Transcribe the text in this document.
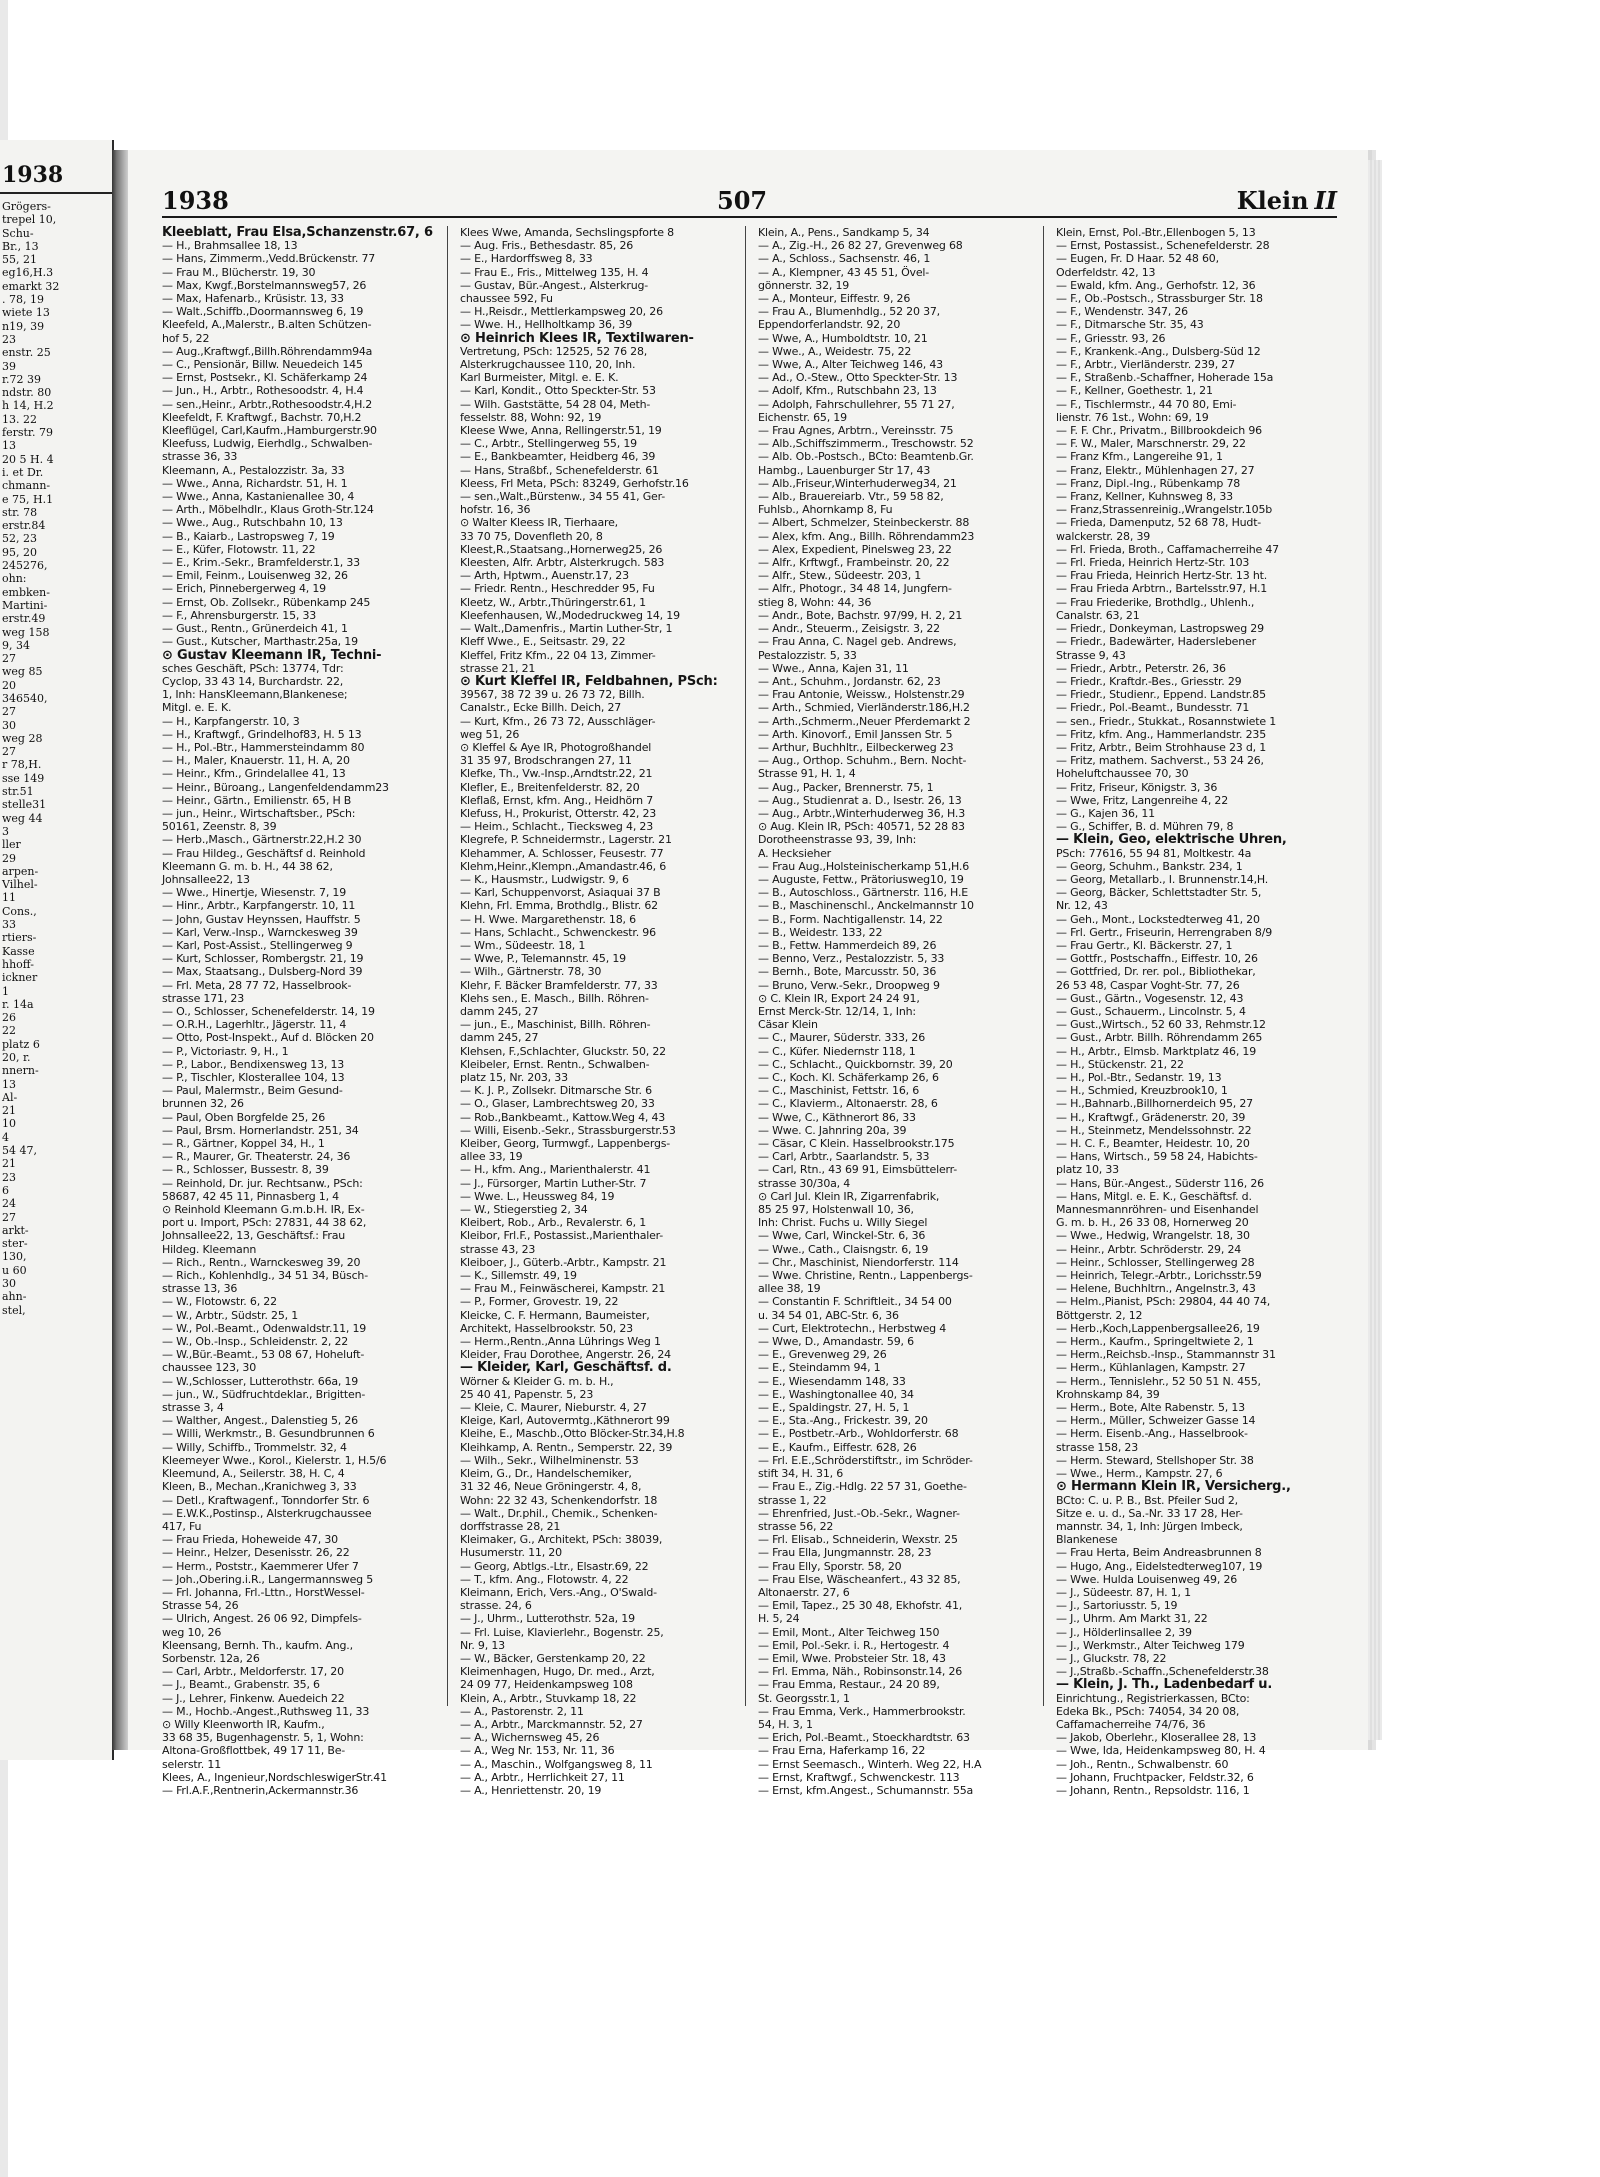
1938
Grögers-
trepel 10,
Schu-
Br., 13
55, 21
eg16,H.3
emarkt 32
. 78, 19
wiete 13
n19, 39
23
enstr. 25
39
r.72 39
ndstr. 80
h 14, H.2
13. 22
ferstr. 79
13
20 5 H. 4
i. et Dr.
chmann-
e 75, H.1
str. 78
erstr.84
52, 23
95, 20
245276,
ohn:
embken-
Martini-
erstr.49
weg 158
9, 34
27
weg 85
20
346540,
27
30
weg 28
27
r 78,H.
sse 149
str.51
stelle31
weg 44
3
ller
29
arpen-
Vilhel-
11
Cons.,
33
rtiers-
Kasse
hhoff-
ickner
1
r. 14a
26
22
platz 6
20, r.
nnern-
13
Al-
21
10
4
54 47,
21
23
6
24
27
arkt-
ster-
130,
u 60
30
ahn-
stel,
1938	507	Klein II
Kleeblatt, Frau Elsa,Schanzenstr.67, 6
— H., Brahmsallee 18, 13
— Hans, Zimmerm.,Vedd.Brückenstr. 77
— Frau M., Blücherstr. 19, 30
— Max, Kwgf.,Borstelmannsweg57, 26
— Max, Hafenarb., Krüsistr. 13, 33
— Walt.,Schiffb.,Doormannsweg 6, 19
Kleefeld, A.,Malerstr., B.alten Schützen-
hof 5, 22
— Aug.,Kraftwgf.,Billh.Röhrendamm94a
— C., Pensionär, Billw. Neuedeich 145
— Ernst, Postsekr., Kl. Schäferkamp 24
— Jun., H., Arbtr., Rothesoodstr. 4, H.4
— sen.,Heinr., Arbtr.,Rothesoodstr.4,H.2
Kleefeldt, F. Kraftwgf., Bachstr. 70,H.2
Kleeflügel, Carl,Kaufm.,Hamburgerstr.90
Kleefuss, Ludwig, Eierhdlg., Schwalben-
strasse 36, 33
Kleemann, A., Pestalozzistr. 3a, 33
— Wwe., Anna, Richardstr. 51, H. 1
— Wwe., Anna, Kastanienallee 30, 4
— Arth., Möbelhdlr., Klaus Groth-Str.124
— Wwe., Aug., Rutschbahn 10, 13
— B., Kaiarb., Lastropsweg 7, 19
— E., Küfer, Flotowstr. 11, 22
— E., Krim.-Sekr., Bramfelderstr.1, 33
— Emil, Feinm., Louisenweg 32, 26
— Erich, Pinnebergerweg 4, 19
— Ernst, Ob. Zollsekr., Rübenkamp 245
— F., Ahrensburgerstr. 15, 33
— Gust., Rentn., Grünerdeich 41, 1
— Gust., Kutscher, Marthastr.25a, 19
⊙ Gustav Kleemann IR, Techni-
sches Geschäft, PSch: 13774, Tdr:
Cyclop, 33 43 14, Burchardstr. 22,
1, Inh: HansKleemann,Blankenese;
Mitgl. e. E. K.
— H., Karpfangerstr. 10, 3
— H., Kraftwgf., Grindelhof83, H. 5 13
— H., Pol.-Btr., Hammersteindamm 80
— H., Maler, Knauerstr. 11, H. A, 20
— Heinr., Kfm., Grindelallee 41, 13
— Heinr., Büroang., Langenfeldendamm23
— Heinr., Gärtn., Emilienstr. 65, H B
— jun., Heinr., Wirtschaftsber., PSch:
50161, Zeenstr. 8, 39
— Herb.,Masch., Gärtnerstr.22,H.2 30
— Frau Hildeg., Geschäftsf d. Reinhold
Kleemann G. m. b. H., 44 38 62,
Johnsallee22, 13
— Wwe., Hinertje, Wiesenstr. 7, 19
— Hinr., Arbtr., Karpfangerstr. 10, 11
— John, Gustav Heynssen, Hauffstr. 5
— Karl, Verw.-Insp., Warnckesweg 39
— Karl, Post-Assist., Stellingerweg 9
— Kurt, Schlosser, Rombergstr. 21, 19
— Max, Staatsang., Dulsberg-Nord 39
— Frl. Meta, 28 77 72, Hasselbrook-
strasse 171, 23
— O., Schlosser, Schenefelderstr. 14, 19
— O.R.H., Lagerhltr., Jägerstr. 11, 4
— Otto, Post-Inspekt., Auf d. Blöcken 20
— P., Victoriastr. 9, H., 1
— P., Labor., Bendixensweg 13, 13
— P., Tischler, Klosterallee 104, 13
— Paul, Malermstr., Beim Gesund-
brunnen 32, 26
— Paul, Oben Borgfelde 25, 26
— Paul, Brsm. Hornerlandstr. 251, 34
— R., Gärtner, Koppel 34, H., 1
— R., Maurer, Gr. Theaterstr. 24, 36
— R., Schlosser, Bussestr. 8, 39
— Reinhold, Dr. jur. Rechtsanw., PSch:
58687, 42 45 11, Pinnasberg 1, 4
⊙ Reinhold Kleemann G.m.b.H. IR, Ex-
port u. Import, PSch: 27831, 44 38 62,
Johnsallee22, 13, Geschäftsf.: Frau
Hildeg. Kleemann
— Rich., Rentn., Warnckesweg 39, 20
— Rich., Kohlenhdlg., 34 51 34, Büsch-
strasse 13, 36
— W., Flotowstr. 6, 22
— W., Arbtr., Südstr. 25, 1
— W., Pol.-Beamt., Odenwaldstr.11, 19
— W., Ob.-Insp., Schleidenstr. 2, 22
— W.,Bür.-Beamt., 53 08 67, Hoheluft-
chaussee 123, 30
— W.,Schlosser, Lutterothstr. 66a, 19
— jun., W., Südfruchtdeklar., Brigitten-
strasse 3, 4
— Walther, Angest., Dalenstieg 5, 26
— Willi, Werkmstr., B. Gesundbrunnen 6
— Willy, Schiffb., Trommelstr. 32, 4
Kleemeyer Wwe., Korol., Kielerstr. 1, H.5/6
Kleemund, A., Seilerstr. 38, H. C, 4
Kleen, B., Mechan.,Kranichweg 3, 33
— Detl., Kraftwagenf., Tonndorfer Str. 6
— E.W.K.,Postinsp., Alsterkrugchaussee
417, Fu
— Frau Frieda, Hoheweide 47, 30
— Heinr., Helzer, Desenisstr. 26, 22
— Herm., Poststr., Kaemmerer Ufer 7
— Joh.,Obering.i.R., Langermannsweg 5
— Frl. Johanna, Frl.-Lttn., HorstWessel-
Strasse 54, 26
— Ulrich, Angest. 26 06 92, Dimpfels-
weg 10, 26
Kleensang, Bernh. Th., kaufm. Ang.,
Sorbenstr. 12a, 26
— Carl, Arbtr., Meldorferstr. 17, 20
— J., Beamt., Grabenstr. 35, 6
— J., Lehrer, Finkenw. Auedeich 22
— M., Hochb.-Angest.,Ruthsweg 11, 33
⊙ Willy Kleenworth IR, Kaufm.,
33 68 35, Bugenhagenstr. 5, 1, Wohn:
Altona-Großflottbek, 49 17 11, Be-
selerstr. 11
Klees, A., Ingenieur,NordschleswigerStr.41
— Frl.A.F.,Rentnerin,Ackermannstr.36
Klees Wwe, Amanda, Sechslingspforte 8
— Aug. Fris., Bethesdastr. 85, 26
— E., Hardorffsweg 8, 33
— Frau E., Fris., Mittelweg 135, H. 4
— Gustav, Bür.-Angest., Alsterkrug-
chaussee 592, Fu
— H.,Reisdr., Mettlerkampsweg 20, 26
— Wwe. H., Hellholtkamp 36, 39
⊙ Heinrich Klees IR, Textilwaren-
Vertretung, PSch: 12525, 52 76 28,
Alsterkrugchaussee 110, 20, Inh.
Karl Burmeister, Mitgl. e. E. K.
— Karl, Kondit., Otto Speckter-Str. 53
— Wilh. Gaststätte, 54 28 04, Meth-
fesselstr. 88, Wohn: 92, 19
Kleese Wwe, Anna, Rellingerstr.51, 19
— C., Arbtr., Stellingerweg 55, 19
— E., Bankbeamter, Heidberg 46, 39
— Hans, Straßbf., Schenefelderstr. 61
Kleess, Frl Meta, PSch: 83249, Gerhofstr.16
— sen.,Walt.,Bürstenw., 34 55 41, Ger-
hofstr. 16, 36
⊙ Walter Kleess IR, Tierhaare,
33 70 75, Dovenfleth 20, 8
Kleest,R.,Staatsang.,Hornerweg25, 26
Kleesten, Alfr. Arbtr, Alsterkrugch. 583
— Arth, Hptwm., Auenstr.17, 23
— Friedr. Rentn., Heschredder 95, Fu
Kleetz, W., Arbtr.,Thüringerstr.61, 1
Kleefenhausen, W.,Modedruckweg 14, 19
— Walt.,Damenfris., Martin Luther-Str, 1
Kleff Wwe., E., Seitsastr. 29, 22
Kleffel, Fritz Kfm., 22 04 13, Zimmer-
strasse 21, 21
⊙ Kurt Kleffel IR, Feldbahnen, PSch:
39567, 38 72 39 u. 26 73 72, Billh.
Canalstr., Ecke Billh. Deich, 27
— Kurt, Kfm., 26 73 72, Ausschläger-
weg 51, 26
⊙ Kleffel & Aye IR, Photogroßhandel
31 35 97, Brodschrangen 27, 11
Klefke, Th., Vw.-Insp.,Arndtstr.22, 21
Klefler, E., Breitenfelderstr. 82, 20
Kleflaß, Ernst, kfm. Ang., Heidhörn 7
Klefuss, H., Prokurist, Otterstr. 42, 23
— Heim., Schlacht., Tiecksweg 4, 23
Klegrefe, P. Schneidermstr., Lagerstr. 21
Klehammer, A. Schlosser, Feusestr. 77
Klehm,Heinr.,Klempn.,Amandastr.46, 6
— K., Hausmstr., Ludwigstr. 9, 6
— Karl, Schuppenvorst, Asiaquai 37 B
Klehn, Frl. Emma, Brothdlg., Blistr. 62
— H. Wwe. Margarethenstr. 18, 6
— Hans, Schlacht., Schwenckestr. 96
— Wm., Südeestr. 18, 1
— Wwe, P., Telemannstr. 45, 19
— Wilh., Gärtnerstr. 78, 30
Klehr, F. Bäcker Bramfelderstr. 77, 33
Klehs sen., E. Masch., Billh. Röhren-
damm 245, 27
— jun., E., Maschinist, Billh. Röhren-
damm 245, 27
Klehsen, F.,Schlachter, Gluckstr. 50, 22
Kleibeler, Ernst. Rentn., Schwalben-
platz 15, Nr. 203, 33
— K. J. P., Zollsekr. Ditmarsche Str. 6
— O., Glaser, Lambrechtsweg 20, 33
— Rob.,Bankbeamt., Kattow.Weg 4, 43
— Willi, Eisenb.-Sekr., Strassburgerstr.53
Kleiber, Georg, Turmwgf., Lappenbergs-
allee 33, 19
— H., kfm. Ang., Marienthalerstr. 41
— J., Fürsorger, Martin Luther-Str. 7
— Wwe. L., Heussweg 84, 19
— W., Stiegerstieg 2, 34
Kleibert, Rob., Arb., Revalerstr. 6, 1
Kleibor, Frl.F., Postassist.,Marienthaler-
strasse 43, 23
Kleiboer, J., Güterb.-Arbtr., Kampstr. 21
— K., Sillemstr. 49, 19
— Frau M., Feinwäscherei, Kampstr. 21
— P., Former, Grovestr. 19, 22
Kleicke, C. F. Hermann, Baumeister,
Architekt, Hasselbrookstr. 50, 23
— Herm.,Rentn.,Anna Lührings Weg 1
Kleider, Frau Dorothee, Angerstr. 26, 24
— Kleider, Karl, Geschäftsf. d.
Wörner & Kleider G. m. b. H.,
25 40 41, Papenstr. 5, 23
— Kleie, C. Maurer, Nieburstr. 4, 27
Kleige, Karl, Autovermtg.,Käthnerort 99
Kleihe, E., Maschb.,Otto Blöcker-Str.34,H.8
Kleihkamp, A. Rentn., Semperstr. 22, 39
— Wilh., Sekr., Wilhelminenstr. 53
Kleim, G., Dr., Handelschemiker,
31 32 46, Neue Gröningerstr. 4, 8,
Wohn: 22 32 43, Schenkendorfstr. 18
— Walt., Dr.phil., Chemik., Schenken-
dorffstrasse 28, 21
Kleimaker, G., Architekt, PSch: 38039,
Husumerstr. 11, 20
— Georg, Abtlgs.-Ltr., Elsastr.69, 22
— T., kfm. Ang., Flotowstr. 4, 22
Kleimann, Erich, Vers.-Ang., O'Swald-
strasse. 24, 6
— J., Uhrm., Lutterothstr. 52a, 19
— Frl. Luise, Klavierlehr., Bogenstr. 25,
Nr. 9, 13
— W., Bäcker, Gerstenkamp 20, 22
Kleimenhagen, Hugo, Dr. med., Arzt,
24 09 77, Heidenkampsweg 108
Klein, A., Arbtr., Stuvkamp 18, 22
— A., Pastorenstr. 2, 11
— A., Arbtr., Marckmannstr. 52, 27
— A., Wichernsweg 45, 26
— A., Weg Nr. 153, Nr. 11, 36
— A., Maschin., Wolfgangsweg 8, 11
— A., Arbtr., Herrlichkeit 27, 11
— A., Henriettenstr. 20, 19
Klein, A., Pens., Sandkamp 5, 34
— A., Zig.-H., 26 82 27, Grevenweg 68
— A., Schloss., Sachsenstr. 46, 1
— A., Klempner, 43 45 51, Övel-
gönnerstr. 32, 19
— A., Monteur, Eiffestr. 9, 26
— Frau A., Blumenhdlg., 52 20 37,
Eppendorferlandstr. 92, 20
— Wwe, A., Humboldtstr. 10, 21
— Wwe., A., Weidestr. 75, 22
— Wwe, A., Alter Teichweg 146, 43
— Ad., O.-Stew., Otto Speckter-Str. 13
— Adolf, Kfm., Rutschbahn 23, 13
— Adolph, Fahrschullehrer, 55 71 27,
Eichenstr. 65, 19
— Frau Agnes, Arbtrn., Vereinsstr. 75
— Alb.,Schiffszimmerm., Treschowstr. 52
— Alb. Ob.-Postsch., BCto: Beamtenb.Gr.
Hambg., Lauenburger Str 17, 43
— Alb.,Friseur,Winterhuderweg34, 21
— Alb., Brauereiarb. Vtr., 59 58 82,
Fuhlsb., Ahornkamp 8, Fu
— Albert, Schmelzer, Steinbeckerstr. 88
— Alex, kfm. Ang., Billh. Röhrendamm23
— Alex, Expedient, Pinelsweg 23, 22
— Alfr., Krftwgf., Frambeinstr. 20, 22
— Alfr., Stew., Südeestr. 203, 1
— Alfr., Photogr., 34 48 14, Jungfern-
stieg 8, Wohn: 44, 36
— Andr., Bote, Bachstr. 97/99, H. 2, 21
— Andr., Steuerm., Zeisigstr. 3, 22
— Frau Anna, C. Nagel geb. Andrews,
Pestalozzistr. 5, 33
— Wwe., Anna, Kajen 31, 11
— Ant., Schuhm., Jordanstr. 62, 23
— Frau Antonie, Weissw., Holstenstr.29
— Arth., Schmied, Vierländerstr.186,H.2
— Arth.,Schmerm.,Neuer Pferdemarkt 2
— Arth. Kinovorf., Emil Janssen Str. 5
— Arthur, Buchhltr., Eilbeckerweg 23
— Aug., Orthop. Schuhm., Bern. Nocht-
Strasse 91, H. 1, 4
— Aug., Packer, Brennerstr. 75, 1
— Aug., Studienrat a. D., Isestr. 26, 13
— Aug., Arbtr.,Winterhuderweg 36, H.3
⊙ Aug. Klein IR, PSch: 40571, 52 28 83
Dorotheenstrasse 93, 39, Inh:
A. Hecksieher
— Frau Aug.,Holsteinischerkamp 51,H.6
— Auguste, Fettw., Prätoriusweg10, 19
— B., Autoschloss., Gärtnerstr. 116, H.E
— B., Maschinenschl., Anckelmannstr 10
— B., Form. Nachtigallenstr. 14, 22
— B., Weidestr. 133, 22
— B., Fettw. Hammerdeich 89, 26
— Benno, Verz., Pestalozzistr. 5, 33
— Bernh., Bote, Marcusstr. 50, 36
— Bruno, Verw.-Sekr., Droopweg 9
⊙ C. Klein IR, Export 24 24 91,
Ernst Merck-Str. 12/14, 1, Inh:
Cäsar Klein
— C., Maurer, Süderstr. 333, 26
— C., Küfer. Niedernstr 118, 1
— C., Schlacht., Quickbornstr. 39, 20
— C., Koch. Kl. Schäferkamp 26, 6
— C., Maschinist, Fettstr. 16, 6
— C., Klavierm., Altonaerstr. 28, 6
— Wwe, C., Käthnerort 86, 33
— Wwe. C. Jahnring 20a, 39
— Cäsar, C Klein. Hasselbrookstr.175
— Carl, Arbtr., Saarlandstr. 5, 33
— Carl, Rtn., 43 69 91, Eimsbüttelerr-
strasse 30/30a, 4
⊙ Carl Jul. Klein IR, Zigarrenfabrik,
85 25 97, Holstenwall 10, 36,
Inh: Christ. Fuchs u. Willy Siegel
— Wwe, Carl, Winckel-Str. 6, 36
— Wwe., Cath., Claisngstr. 6, 19
— Chr., Maschinist, Niendorferstr. 114
— Wwe. Christine, Rentn., Lappenbergs-
allee 38, 19
— Constantin F. Schriftleit., 34 54 00
u. 34 54 01, ABC-Str. 6, 36
— Curt, Elektrotechn., Herbstweg 4
— Wwe, D., Amandastr. 59, 6
— E., Grevenweg 29, 26
— E., Steindamm 94, 1
— E., Wiesendamm 148, 33
— E., Washingtonallee 40, 34
— E., Spaldingstr. 27, H. 5, 1
— E., Sta.-Ang., Frickestr. 39, 20
— E., Postbetr.-Arb., Wohldorferstr. 68
— E., Kaufm., Eiffestr. 628, 26
— Frl. E.E.,Schröderstiftstr., im Schröder-
stift 34, H. 31, 6
— Frau E., Zig.-Hdlg. 22 57 31, Goethe-
strasse 1, 22
— Ehrenfried, Just.-Ob.-Sekr., Wagner-
strasse 56, 22
— Frl. Elisab., Schneiderin, Wexstr. 25
— Frau Ella, Jungmannstr. 28, 23
— Frau Elly, Sporstr. 58, 20
— Frau Else, Wäscheanfert., 43 32 85,
Altonaerstr. 27, 6
— Emil, Tapez., 25 30 48, Ekhofstr. 41,
H. 5, 24
— Emil, Mont., Alter Teichweg 150
— Emil, Pol.-Sekr. i. R., Hertogestr. 4
— Emil, Wwe. Probsteier Str. 18, 43
— Frl. Emma, Näh., Robinsonstr.14, 26
— Frau Emma, Restaur., 24 20 89,
St. Georgsstr.1, 1
— Frau Emma, Verk., Hammerbrookstr.
54, H. 3, 1
— Erich, Pol.-Beamt., Stoeckhardtstr. 63
— Frau Erna, Haferkamp 16, 22
— Ernst Seemasch., Winterh. Weg 22, H.A
— Ernst, Kraftwgf., Schwenckestr. 113
— Ernst, kfm.Angest., Schumannstr. 55a
Klein, Ernst, Pol.-Btr.,Ellenbogen 5, 13
— Ernst, Postassist., Schenefelderstr. 28
— Eugen, Fr. D Haar. 52 48 60,
Oderfeldstr. 42, 13
— Ewald, kfm. Ang., Gerhofstr. 12, 36
— F., Ob.-Postsch., Strassburger Str. 18
— F., Wendenstr. 347, 26
— F., Ditmarsche Str. 35, 43
— F., Griesstr. 93, 26
— F., Krankenk.-Ang., Dulsberg-Süd 12
— F., Arbtr., Vierländerstr. 239, 27
— F., Straßenb.-Schaffner, Hoherade 15a
— F., Kellner, Goethestr. 1, 21
— F., Tischlermstr., 44 70 80, Emi-
lienstr. 76 1st., Wohn: 69, 19
— F. F. Chr., Privatm., Billbrookdeich 96
— F. W., Maler, Marschnerstr. 29, 22
— Franz Kfm., Langereihe 91, 1
— Franz, Elektr., Mühlenhagen 27, 27
— Franz, Dipl.-Ing., Rübenkamp 78
— Franz, Kellner, Kuhnsweg 8, 33
— Franz,Strassenreinig.,Wrangelstr.105b
— Frieda, Damenputz, 52 68 78, Hudt-
walckerstr. 28, 39
— Frl. Frieda, Broth., Caffamacherreihe 47
— Frl. Frieda, Heinrich Hertz-Str. 103
— Frau Frieda, Heinrich Hertz-Str. 13 ht.
— Frau Frieda Arbtrn., Bartelsstr.97, H.1
— Frau Friederike, Brothdlg., Uhlenh.,
Canalstr. 63, 21
— Friedr., Donkeyman, Lastropsweg 29
— Friedr., Badewärter, Haderslebener
Strasse 9, 43
— Friedr., Arbtr., Peterstr. 26, 36
— Friedr., Kraftdr.-Bes., Griesstr. 29
— Friedr., Studienr., Eppend. Landstr.85
— Friedr., Pol.-Beamt., Bundesstr. 71
— sen., Friedr., Stukkat., Rosannstwiete 1
— Fritz, kfm. Ang., Hammerlandstr. 235
— Fritz, Arbtr., Beim Strohhause 23 d, 1
— Fritz, mathem. Sachverst., 53 24 26,
Hoheluftchaussee 70, 30
— Fritz, Friseur, Königstr. 3, 36
— Wwe, Fritz, Langenreihe 4, 22
— G., Kajen 36, 11
— G., Schiffer, B. d. Mühren 79, 8
— Klein, Geo, elektrische Uhren,
PSch: 77616, 55 94 81, Moltkestr. 4a
— Georg, Schuhm., Bankstr. 234, 1
— Georg, Metallarb., I. Brunnenstr.14,H.
— Georg, Bäcker, Schlettstadter Str. 5,
Nr. 12, 43
— Geh., Mont., Lockstedterweg 41, 20
— Frl. Gertr., Friseurin, Herrengraben 8/9
— Frau Gertr., Kl. Bäckerstr. 27, 1
— Gottfr., Postschaffn., Eiffestr. 10, 26
— Gottfried, Dr. rer. pol., Bibliothekar,
26 53 48, Caspar Voght-Str. 77, 26
— Gust., Gärtn., Vogesenstr. 12, 43
— Gust., Schauerm., Lincolnstr. 5, 4
— Gust.,Wirtsch., 52 60 33, Rehmstr.12
— Gust., Arbtr. Billh. Röhrendamm 265
— H., Arbtr., Elmsb. Marktplatz 46, 19
— H., Stückenstr. 21, 22
— H., Pol.-Btr., Sedanstr. 19, 13
— H., Schmied, Kreuzbrook10, 1
— H.,Bahnarb.,Billhornerdeich 95, 27
— H., Kraftwgf., Grädenerstr. 20, 39
— H., Steinmetz, Mendelssohnstr. 22
— H. C. F., Beamter, Heidestr. 10, 20
— Hans, Wirtsch., 59 58 24, Habichts-
platz 10, 33
— Hans, Bür.-Angest., Süderstr 116, 26
— Hans, Mitgl. e. E. K., Geschäftsf. d.
Mannesmannröhren- und Eisenhandel
G. m. b. H., 26 33 08, Hornerweg 20
— Wwe., Hedwig, Wrangelstr. 18, 30
— Heinr., Arbtr. Schröderstr. 29, 24
— Heinr., Schlosser, Stellingerweg 28
— Heinrich, Telegr.-Arbtr., Lorichsstr.59
— Helene, Buchhltrn., Angelnstr.3, 43
— Helm.,Pianist, PSch: 29804, 44 40 74,
Böttgerstr. 2, 12
— Herb.,Koch,Lappenbergsallee26, 19
— Herm., Kaufm., Springeltwiete 2, 1
— Herm.,Reichsb.-Insp., Stammannstr 31
— Herm., Kühlanlagen, Kampstr. 27
— Herm., Tennislehr., 52 50 51 N. 455,
Krohnskamp 84, 39
— Herm., Bote, Alte Rabenstr. 5, 13
— Herm., Müller, Schweizer Gasse 14
— Herm. Eisenb.-Ang., Hasselbrook-
strasse 158, 23
— Herm. Steward, Stellshoper Str. 38
— Wwe., Herm., Kampstr. 27, 6
⊙ Hermann Klein IR, Versicherg.,
BCto: C. u. P. B., Bst. Pfeiler Sud 2,
Sitze e. u. d., Sa.-Nr. 33 17 28, Her-
mannstr. 34, 1, Inh: Jürgen Imbeck,
Blankenese
— Frau Herta, Beim Andreasbrunnen 8
— Hugo, Ang., Eidelstedterweg107, 19
— Wwe. Hulda Louisenweg 49, 26
— J., Südeestr. 87, H. 1, 1
— J., Sartoriusstr. 5, 19
— J., Uhrm. Am Markt 31, 22
— J., Hölderlinsallee 2, 39
— J., Werkmstr., Alter Teichweg 179
— J., Gluckstr. 78, 22
— J.,Straßb.-Schaffn.,Schenefelderstr.38
— Klein, J. Th., Ladenbedarf u.
Einrichtung., Registrierkassen, BCto:
Edeka Bk., PSch: 74054, 34 20 08,
Caffamacherreihe 74/76, 36
— Jakob, Oberlehr., Kloserallee 28, 13
— Wwe, Ida, Heidenkampsweg 80, H. 4
— Joh., Rentn., Schwalbenstr. 60
— Johann, Fruchtpacker, Feldstr.32, 6
— Johann, Rentn., Repsoldstr. 116, 1
